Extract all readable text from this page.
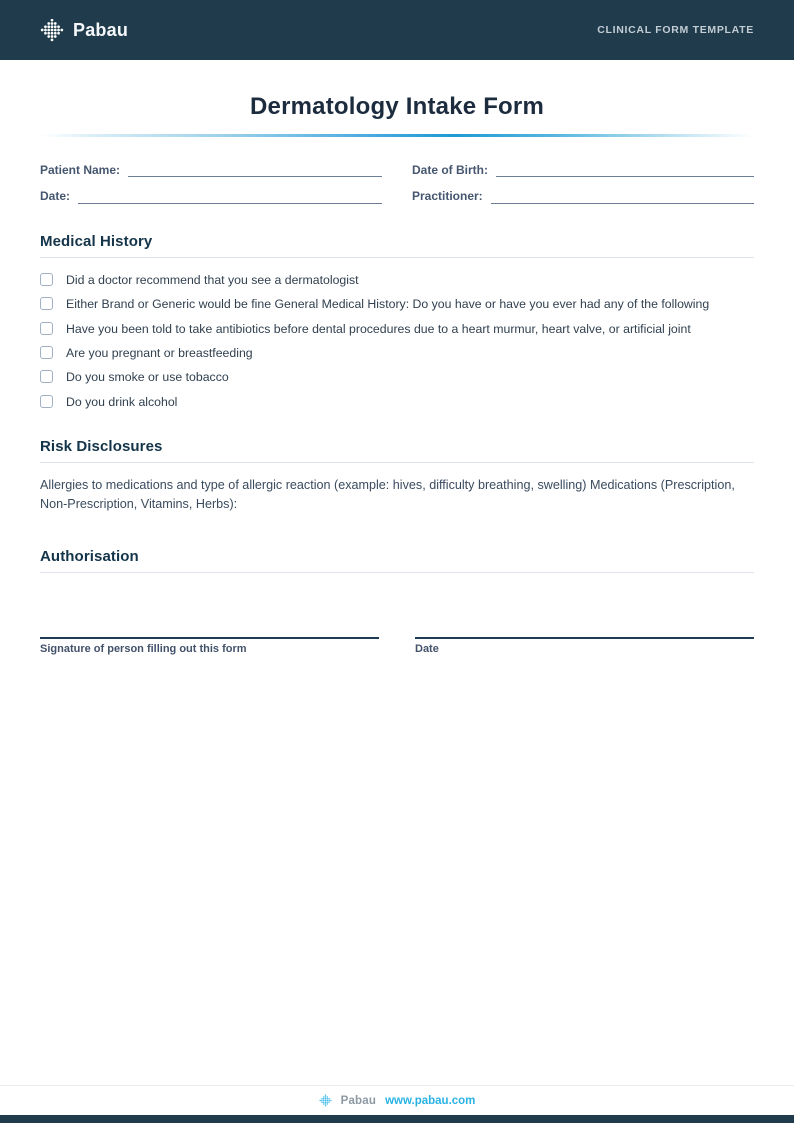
Pabau	CLINICAL FORM TEMPLATE
Dermatology Intake Form
Patient Name:	Date of Birth:
Date:	Practitioner:
Medical History
Did a doctor recommend that you see a dermatologist
Either Brand or Generic would be fine General Medical History: Do you have or have you ever had any of the following
Have you been told to take antibiotics before dental procedures due to a heart murmur, heart valve, or artificial joint
Are you pregnant or breastfeeding
Do you smoke or use tobacco
Do you drink alcohol
Risk Disclosures

Allergies to medications and type of allergic reaction (example: hives, difficulty breathing, swelling) Medications (Prescription, Non-Prescription, Vitamins, Herbs):

Authorisation
Signature of person filling out this form	Date
Pabau www.pabau.com
